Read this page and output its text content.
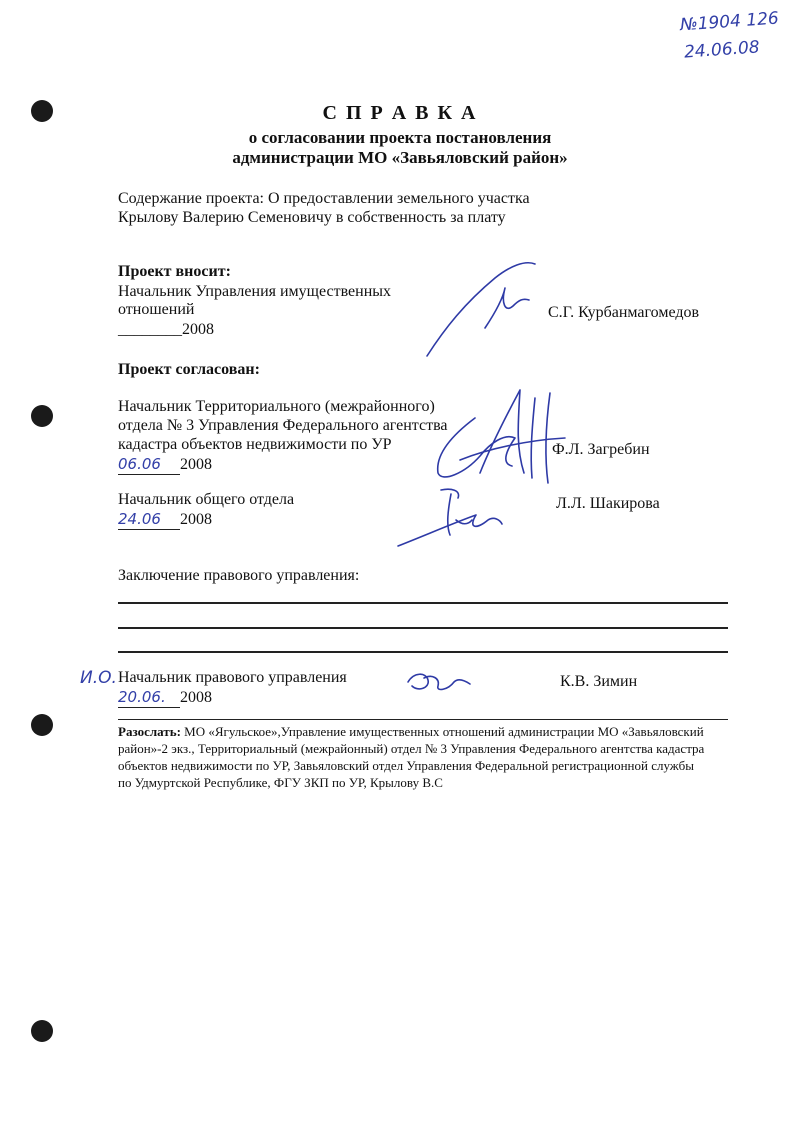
№1904 126
24.06.08
С П Р А В К А
о согласовании проекта постановления
администрации МО «Завьяловский район»
Содержание проекта: О предоставлении земельного участка
Крылову Валерию Семеновичу в собственность за плату
Проект вносит:
Начальник Управления имущественных
отношений
________2008
С.Г. Курбанмагомедов
Проект согласован:
Начальник Территориального (межрайонного)
отдела № 3 Управления Федерального агентства
кадастра объектов недвижимости по УР
06.06 2008
Ф.Л. Загребин
Начальник общего отдела
24.06 2008
Л.Л. Шакирова
Заключение правового управления:
И.О. Начальник правового управления
20.06. 2008
К.В. Зимин
Разослать: МО «Ягульское»,Управление имущественных отношений администрации МО «Завьяловский
район»-2 экз., Территориальный (межрайонный) отдел № 3 Управления Федерального агентства кадастра
объектов недвижимости по УР, Завьяловский отдел Управления Федеральной регистрационной службы
по Удмуртской Республике, ФГУ ЗКП по УР, Крылову В.С
